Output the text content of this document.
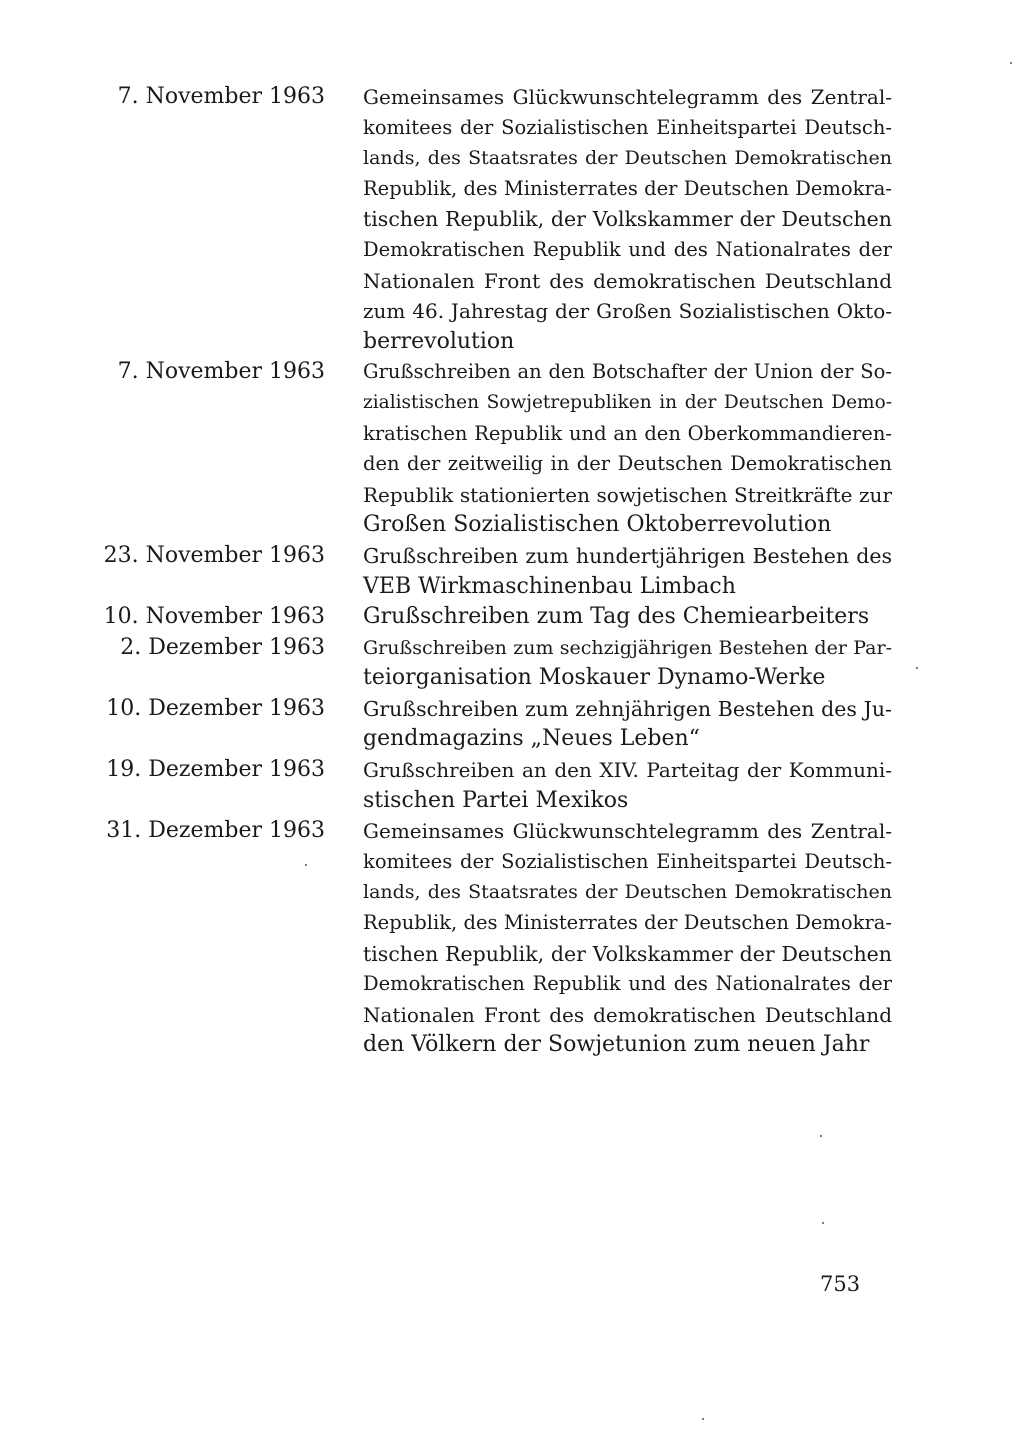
7. November 1963 Gemeinsames Glückwunschtelegramm des Zentral-
komitees der Sozialistischen Einheitspartei Deutsch-
lands, des Staatsrates der Deutschen Demokratischen
Republik, des Ministerrates der Deutschen Demokra-
tischen Republik, der Volkskammer der Deutschen
Demokratischen Republik und des Nationalrates der
Nationalen Front des demokratischen Deutschland
zum 46. Jahrestag der Großen Sozialistischen Okto-
berrevolution
7. November 1963 Grußschreiben an den Botschafter der Union der So-
zialistischen Sowjetrepubliken in der Deutschen Demo-
kratischen Republik und an den Oberkommandieren-
den der zeitweilig in der Deutschen Demokratischen
Republik stationierten sowjetischen Streitkräfte zur
Großen Sozialistischen Oktoberrevolution
23. November 1963 Grußschreiben zum hundertjährigen Bestehen des
VEB Wirkmaschinenbau Limbach
10. November 1963 Grußschreiben zum Tag des Chemiearbeiters
2. Dezember 1963 Grußschreiben zum sechzigjährigen Bestehen der Par-
teiorganisation Moskauer Dynamo-Werke
10. Dezember 1963 Grußschreiben zum zehnjährigen Bestehen des Ju-
gendmagazins „Neues Leben“
19. Dezember 1963 Grußschreiben an den XIV. Parteitag der Kommuni-
stischen Partei Mexikos
31. Dezember 1963 Gemeinsames Glückwunschtelegramm des Zentral-
komitees der Sozialistischen Einheitspartei Deutsch-
lands, des Staatsrates der Deutschen Demokratischen
Republik, des Ministerrates der Deutschen Demokra-
tischen Republik, der Volkskammer der Deutschen
Demokratischen Republik und des Nationalrates der
Nationalen Front des demokratischen Deutschland
den Völkern der Sowjetunion zum neuen Jahr
753
